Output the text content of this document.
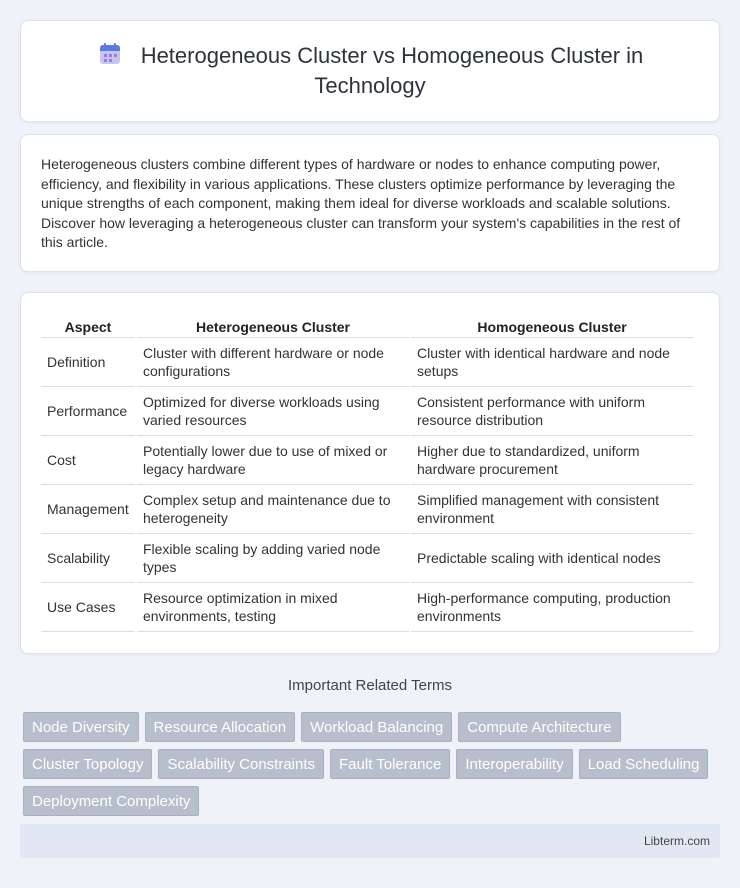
Heterogeneous Cluster vs Homogeneous Cluster in Technology

Heterogeneous clusters combine different types of hardware or nodes to enhance computing power, efficiency, and flexibility in various applications. These clusters optimize performance by leveraging the unique strengths of each component, making them ideal for diverse workloads and scalable solutions. Discover how leveraging a heterogeneous cluster can transform your system's capabilities in the rest of this article.

Aspect	Heterogeneous Cluster	Homogeneous Cluster
Definition	Cluster with different hardware or node configurations	Cluster with identical hardware and node setups
Performance	Optimized for diverse workloads using varied resources	Consistent performance with uniform resource distribution
Cost	Potentially lower due to use of mixed or legacy hardware	Higher due to standardized, uniform hardware procurement
Management	Complex setup and maintenance due to heterogeneity	Simplified management with consistent environment
Scalability	Flexible scaling by adding varied node types	Predictable scaling with identical nodes
Use Cases	Resource optimization in mixed environments, testing	High-performance computing, production environments
Important Related Terms
Node Diversity	Resource Allocation	Workload Balancing	Compute Architecture
Cluster Topology	Scalability Constraints	Fault Tolerance	Interoperability	Load Scheduling
Deployment Complexity
Libterm.com
